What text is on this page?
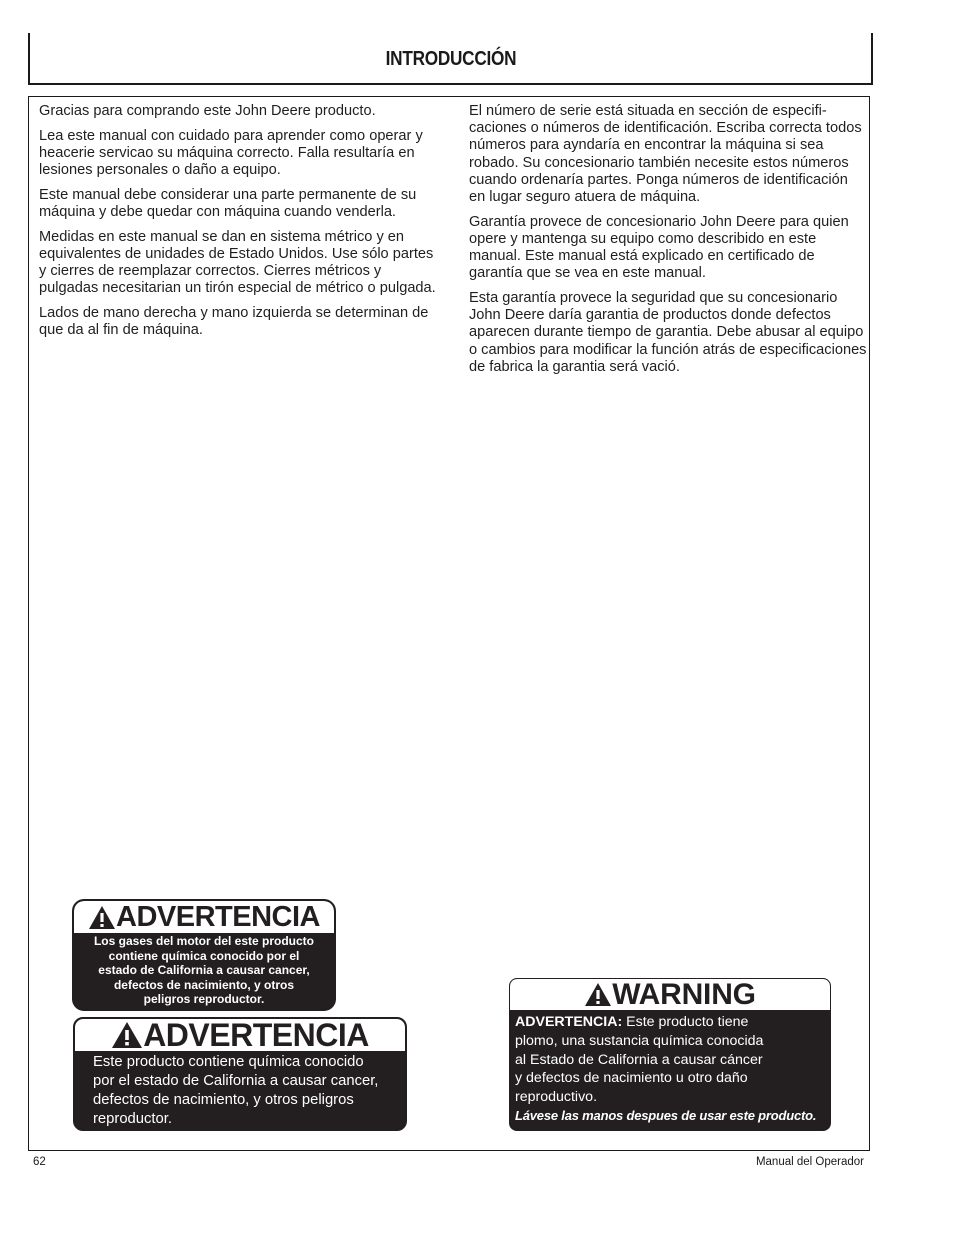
INTRODUCCIÓN

Gracias para comprando este John Deere producto.

Lea este manual con cuidado para aprender como operar y heacerie servicao su máquina correcto. Falla resultaría en lesiones personales o daño a equipo.

Este manual debe considerar una parte permanente de su máquina y debe quedar con máquina cuando venderla.

Medidas en este manual se dan en sistema métrico y en equivalentes de unidades de Estado Unidos. Use sólo partes y cierres de reemplazar correctos. Cierres métricos y pulgadas necesitarian un tirón especial de métrico o pulgada.

Lados de mano derecha y mano izquierda se determinan de que da al fin de máquina.

El número de serie está situada en sección de especificaciones o números de identificación. Escriba correcta todos números para ayndaría en encontrar la máquina si sea robado. Su concesionario también necesite estos números cuando ordenaría partes. Ponga números de identificación en lugar seguro atuera de máquina.

Garantía provece de concesionario John Deere para quien opere y mantenga su equipo como describido en este manual. Este manual está explicado en certificado de garantía que se vea en este manual.

Esta garantía provece la seguridad que su concesionario John Deere daría garantia de productos donde defectos aparecen durante tiempo de garantia. Debe abusar al equipo o cambios para modificar la función atrás de especificaciones de fabrica la garantia será vació.

ADVERTENCIA
Los gases del motor del este producto
contiene química conocido por el
estado de California a causar cancer,
defectos de nacimiento, y otros
peligros reproductor.
ADVERTENCIA
Este producto contiene química conocido
por el estado de California a causar cancer,
defectos de nacimiento, y otros peligros
reproductor.
WARNING
ADVERTENCIA: Este producto tiene
plomo, una sustancia química conocida
al Estado de California a causar cáncer
y defectos de nacimiento u otro daño
reproductivo.
Lávese las manos despues de usar este producto.
62	Manual del Operador
